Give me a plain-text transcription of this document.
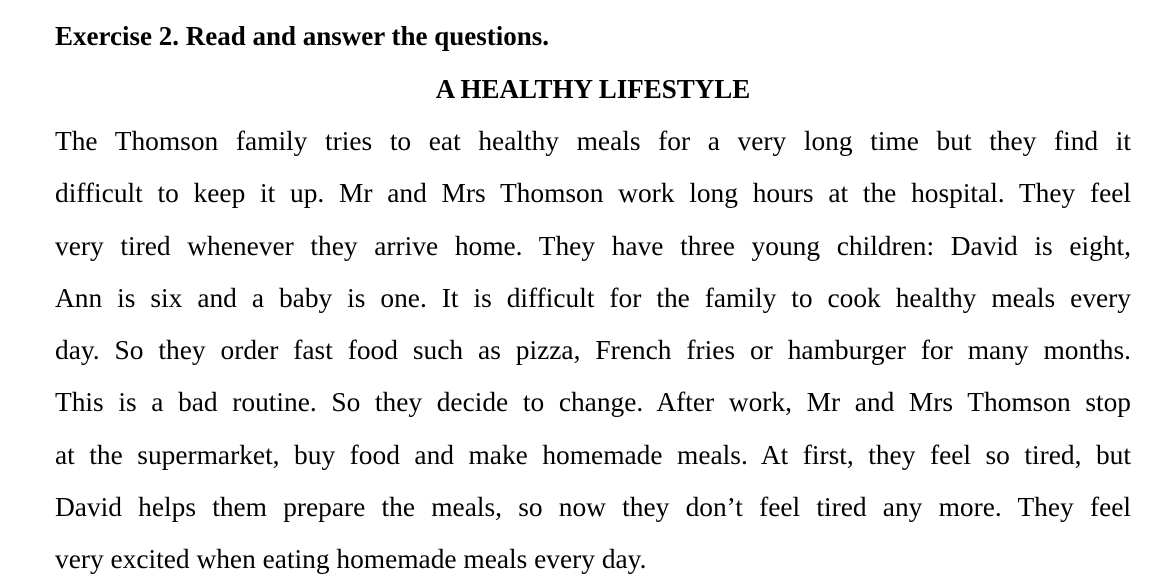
Exercise 2. Read and answer the questions.
A HEALTHY LIFESTYLE
The Thomson family tries to eat healthy meals for a very long time but they find it
difficult to keep it up. Mr and Mrs Thomson work long hours at the hospital. They feel
very tired whenever they arrive home. They have three young children: David is eight,
Ann is six and a baby is one. It is difficult for the family to cook healthy meals every
day. So they order fast food such as pizza, French fries or hamburger for many months.
This is a bad routine. So they decide to change. After work, Mr and Mrs Thomson stop
at the supermarket, buy food and make homemade meals. At first, they feel so tired, but
David helps them prepare the meals, so now they don’t feel tired any more. They feel
very excited when eating homemade meals every day.
